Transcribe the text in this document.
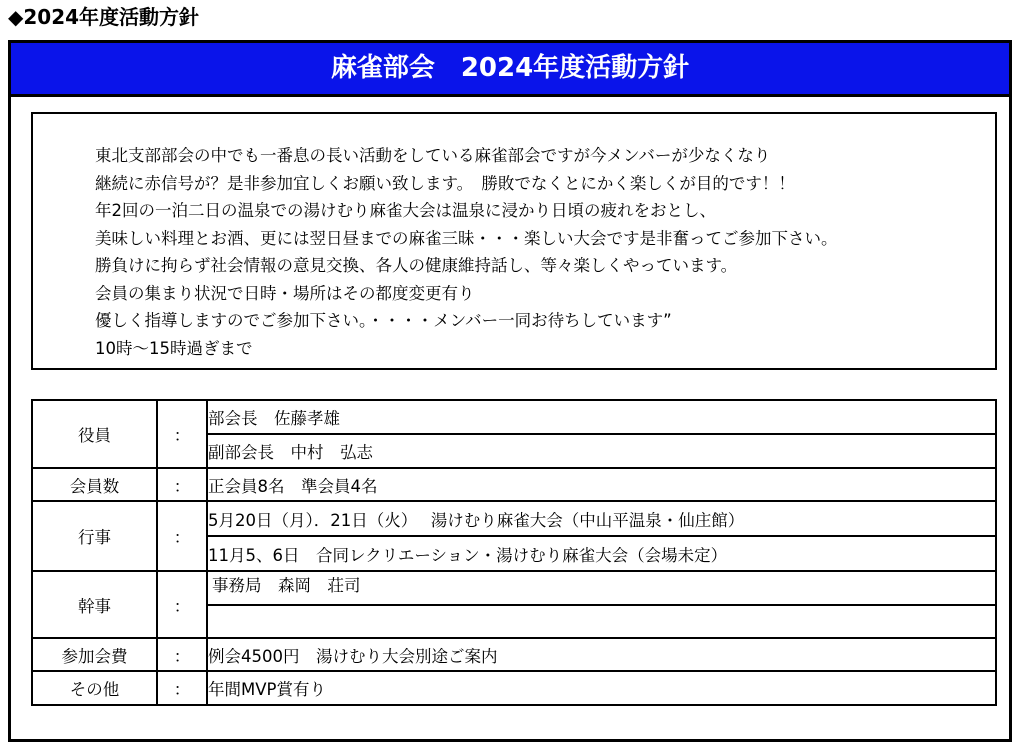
◆2024年度活動方針
麻雀部会　2024年度活動方針
東北支部部会の中でも一番息の長い活動をしている麻雀部会ですが今メンバーが少なくなり
継続に赤信号が？是非参加宜しくお願い致します。　勝敗でなくとにかく楽しくが目的です！！
年2回の一泊二日の温泉での湯けむり麻雀大会は温泉に浸かり日頃の疲れをおとし、
美味しい料理とお酒、更には翌日昼までの麻雀三昧・・・楽しい大会です是非奮ってご参加下さい。
勝負けに拘らず社会情報の意見交換、各人の健康維持話し、等々楽しくやっています。
会員の集まり状況で日時・場所はその都度変更有り
優しく指導しますのでご参加下さい。・・・・メンバー一同お待ちしています”
10時～15時過ぎまで
役員	：	部会長　佐藤孝雄
		副部会長　中村　弘志
会員数	：	正会員8名　準会員4名
行事	：	5月20日（月）．21日（火）　 湯けむり麻雀大会（中山平温泉・仙庄館）
		11月5、6日　合同レクリエーション・湯けむり麻雀大会（会場未定）
幹事	：	事務局　森岡　荘司

参加会費	：	例会4500円　湯けむり大会別途ご案内
その他	：	年間MVP賞有り
